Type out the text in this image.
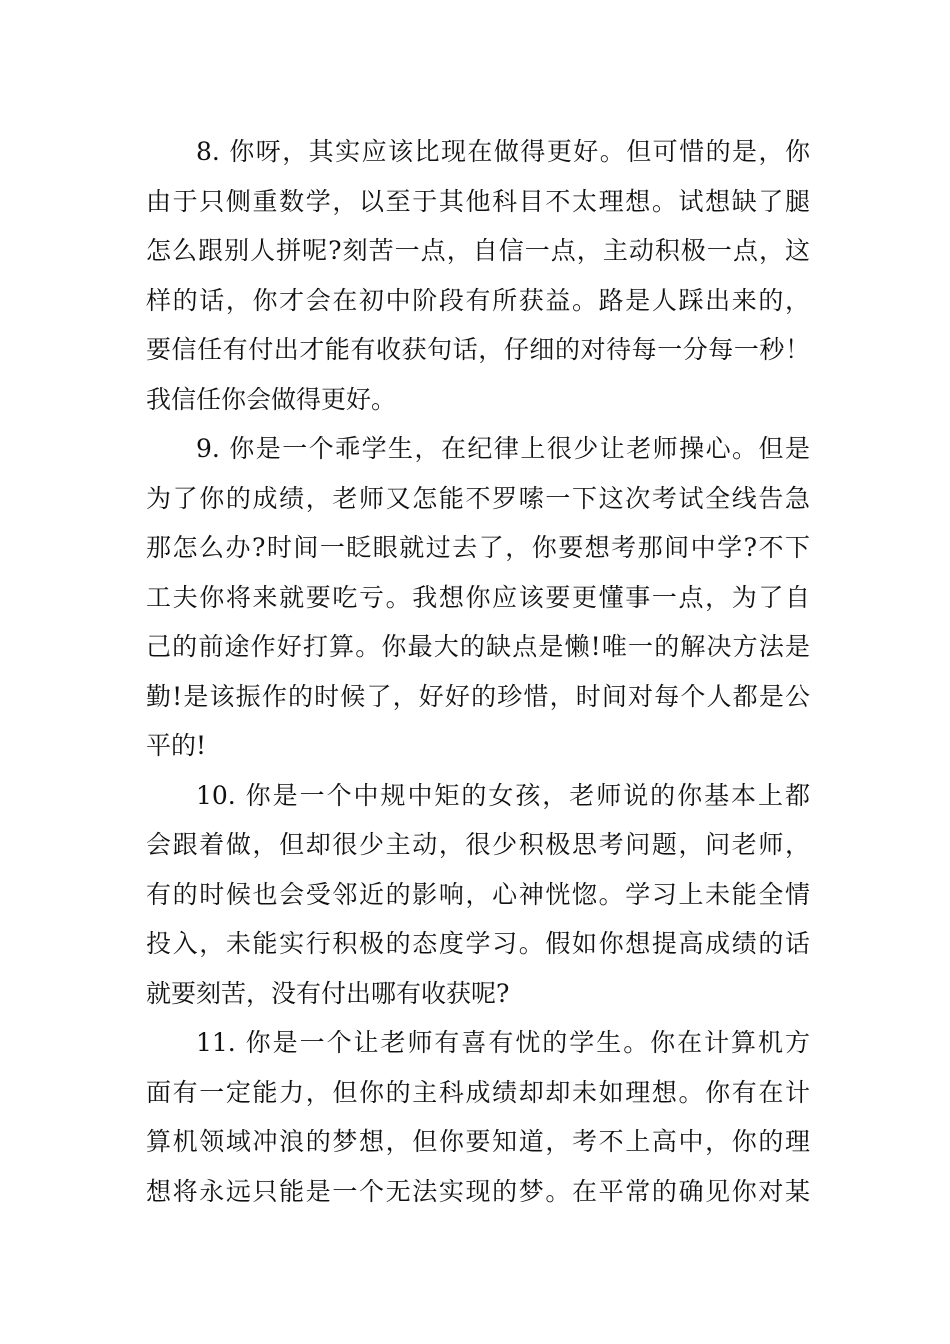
8. 你呀，其实应该比现在做得更好。但可惜的是，你
由于只侧重数学，以至于其他科目不太理想。试想缺了腿
怎么跟别人拼呢?刻苦一点，自信一点，主动积极一点，这
样的话，你才会在初中阶段有所获益。路是人踩出来的，
要信任有付出才能有收获句话，仔细的对待每一分每一秒！
我信任你会做得更好。
9. 你是一个乖学生，在纪律上很少让老师操心。但是
为了你的成绩，老师又怎能不罗嗦一下这次考试全线告急
那怎么办?时间一眨眼就过去了，你要想考那间中学?不下
工夫你将来就要吃亏。我想你应该要更懂事一点，为了自
己的前途作好打算。你最大的缺点是懒!唯一的解决方法是
勤!是该振作的时候了，好好的珍惜，时间对每个人都是公
平的!
10. 你是一个中规中矩的女孩，老师说的你基本上都
会跟着做，但却很少主动，很少积极思考问题，问老师，
有的时候也会受邻近的影响，心神恍惚。学习上未能全情
投入，未能实行积极的态度学习。假如你想提高成绩的话
就要刻苦，没有付出哪有收获呢?
11. 你是一个让老师有喜有忧的学生。你在计算机方
面有一定能力，但你的主科成绩却却未如理想。你有在计
算机领域冲浪的梦想，但你要知道，考不上高中，你的理
想将永远只能是一个无法实现的梦。在平常的确见你对某
